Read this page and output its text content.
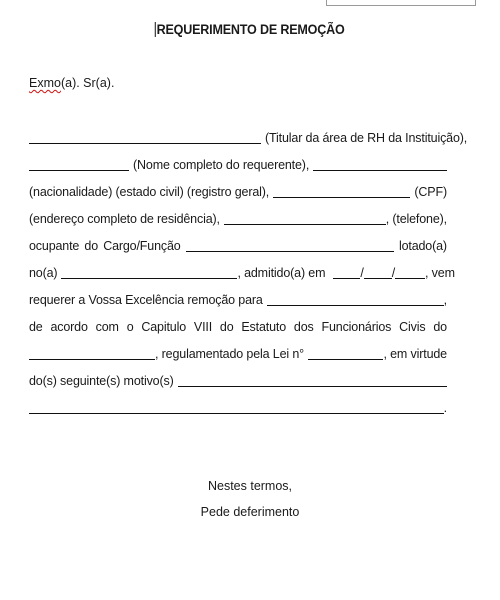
REQUERIMENTO DE REMOÇÃO
Exmo(a). Sr(a).
(Titular da área de RH da Instituição),
(Nome completo do requerente),
(nacionalidade) (estado civil) (registro geral),	(CPF)
(endereço completo de residência),	, (telefone),
ocupante do Cargo/Função	lotado(a)
no(a)	, admitido(a) em	/ / , vem
requerer a Vossa Excelência remoção para	,
de acordo com o Capitulo VIII do Estatuto dos Funcionários Civis do
, regulamentado pela Lei n°	, em virtude
do(s) seguinte(s) motivo(s)
.
Nestes termos,
Pede deferimento
